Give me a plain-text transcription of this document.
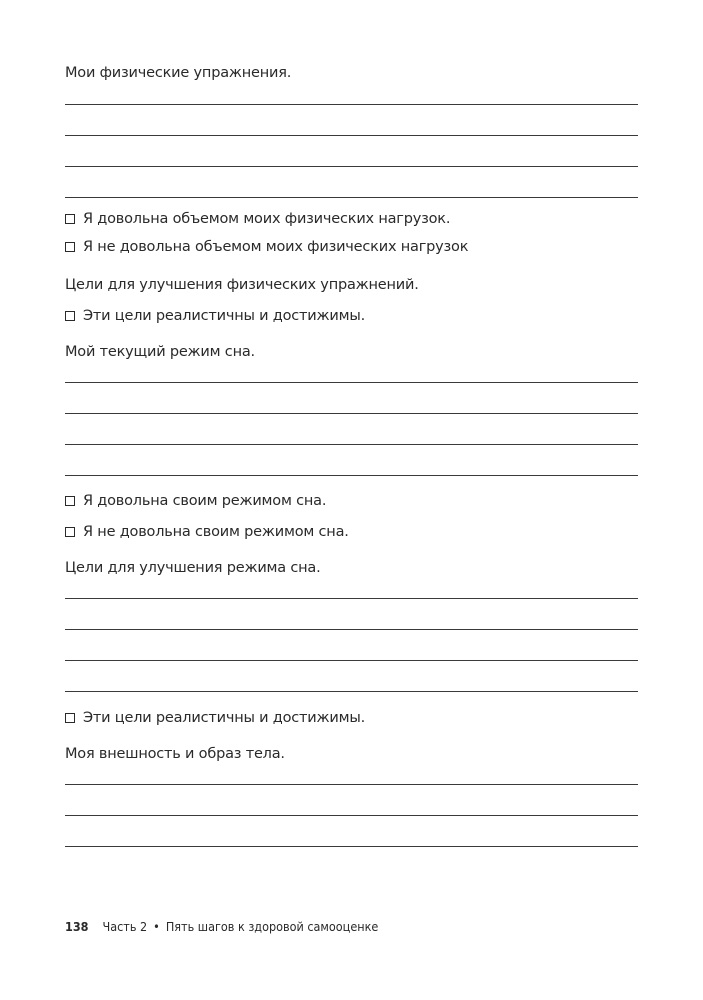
Мои физические упражнения.
Я довольна объемом моих физических нагрузок.
Я не довольна объемом моих физических нагрузок
Цели для улучшения физических упражнений.
Эти цели реалистичны и достижимы.
Мой текущий режим сна.
Я довольна своим режимом сна.
Я не довольна своим режимом сна.
Цели для улучшения режима сна.
Эти цели реалистичны и достижимы.
Моя внешность и образ тела.
138 Часть 2 • Пять шагов к здоровой самооценке
